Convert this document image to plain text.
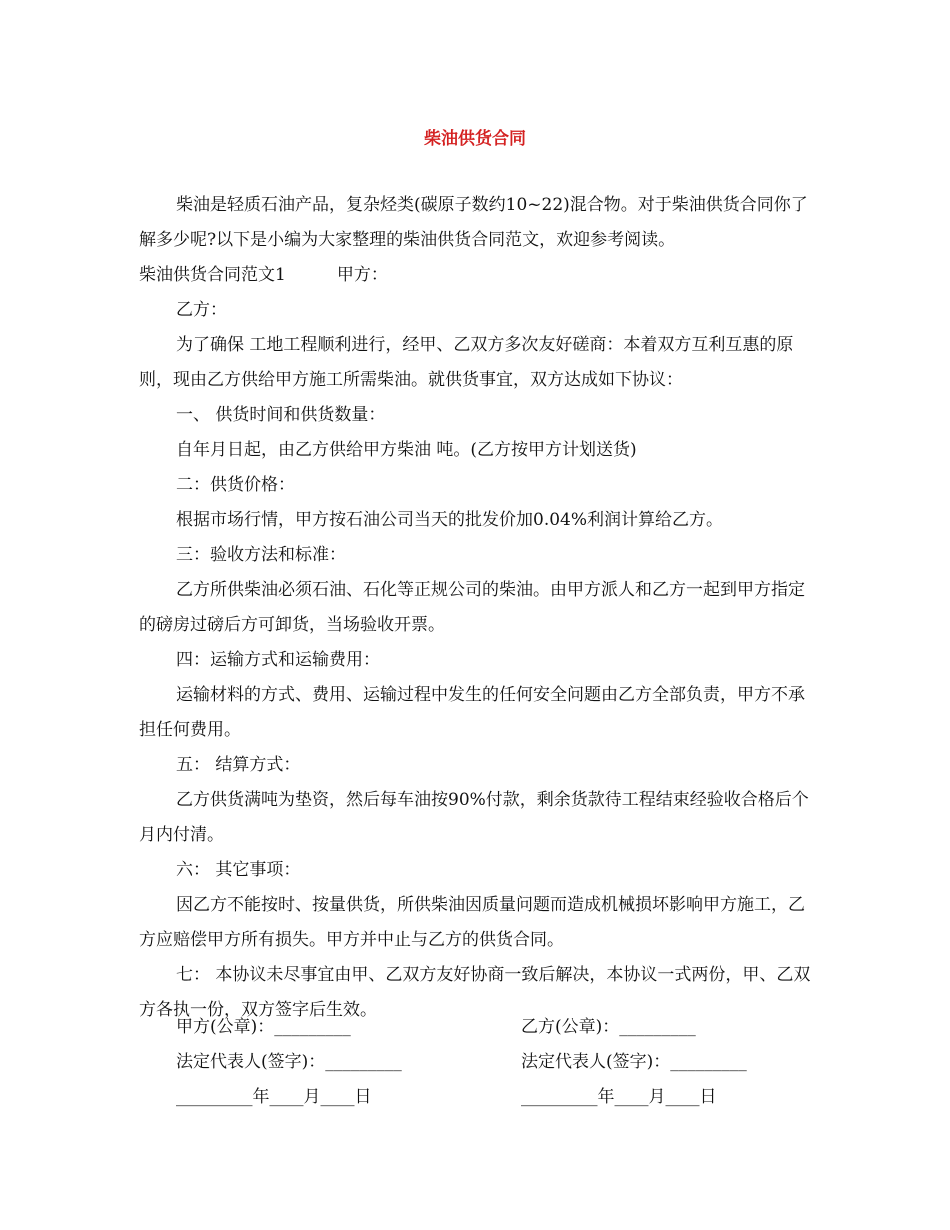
柴油供货合同

柴油是轻质石油产品，复杂烃类(碳原子数约10~22)混合物。对于柴油供货合同你了解多少呢?以下是小编为大家整理的柴油供货合同范文，欢迎参考阅读。

柴油供货合同范文1　　　甲方：

乙方：

为了确保 工地工程顺利进行，经甲、乙双方多次友好磋商：本着双方互利互惠的原则，现由乙方供给甲方施工所需柴油。就供货事宜，双方达成如下协议：

一、 供货时间和供货数量：

自年月日起，由乙方供给甲方柴油 吨。(乙方按甲方计划送货)

二：供货价格：

根据市场行情，甲方按石油公司当天的批发价加0.04%利润计算给乙方。

三：验收方法和标准：

乙方所供柴油必须石油、石化等正规公司的柴油。由甲方派人和乙方一起到甲方指定的磅房过磅后方可卸货，当场验收开票。

四：运输方式和运输费用：

运输材料的方式、费用、运输过程中发生的任何安全问题由乙方全部负责，甲方不承担任何费用。

五： 结算方式：

乙方供货满吨为垫资，然后每车油按90%付款，剩余货款待工程结束经验收合格后个月内付清。

六： 其它事项：

因乙方不能按时、按量供货，所供柴油因质量问题而造成机械损坏影响甲方施工，乙方应赔偿甲方所有损失。甲方并中止与乙方的供货合同。

七： 本协议未尽事宜由甲、乙双方友好协商一致后解决，本协议一式两份，甲、乙双方各执一份，双方签字后生效。

甲方(公章)：_________	乙方(公章)：_________
法定代表人(签字)：_________	法定代表人(签字)：_________
_________年____月____日	_________年____月____日
